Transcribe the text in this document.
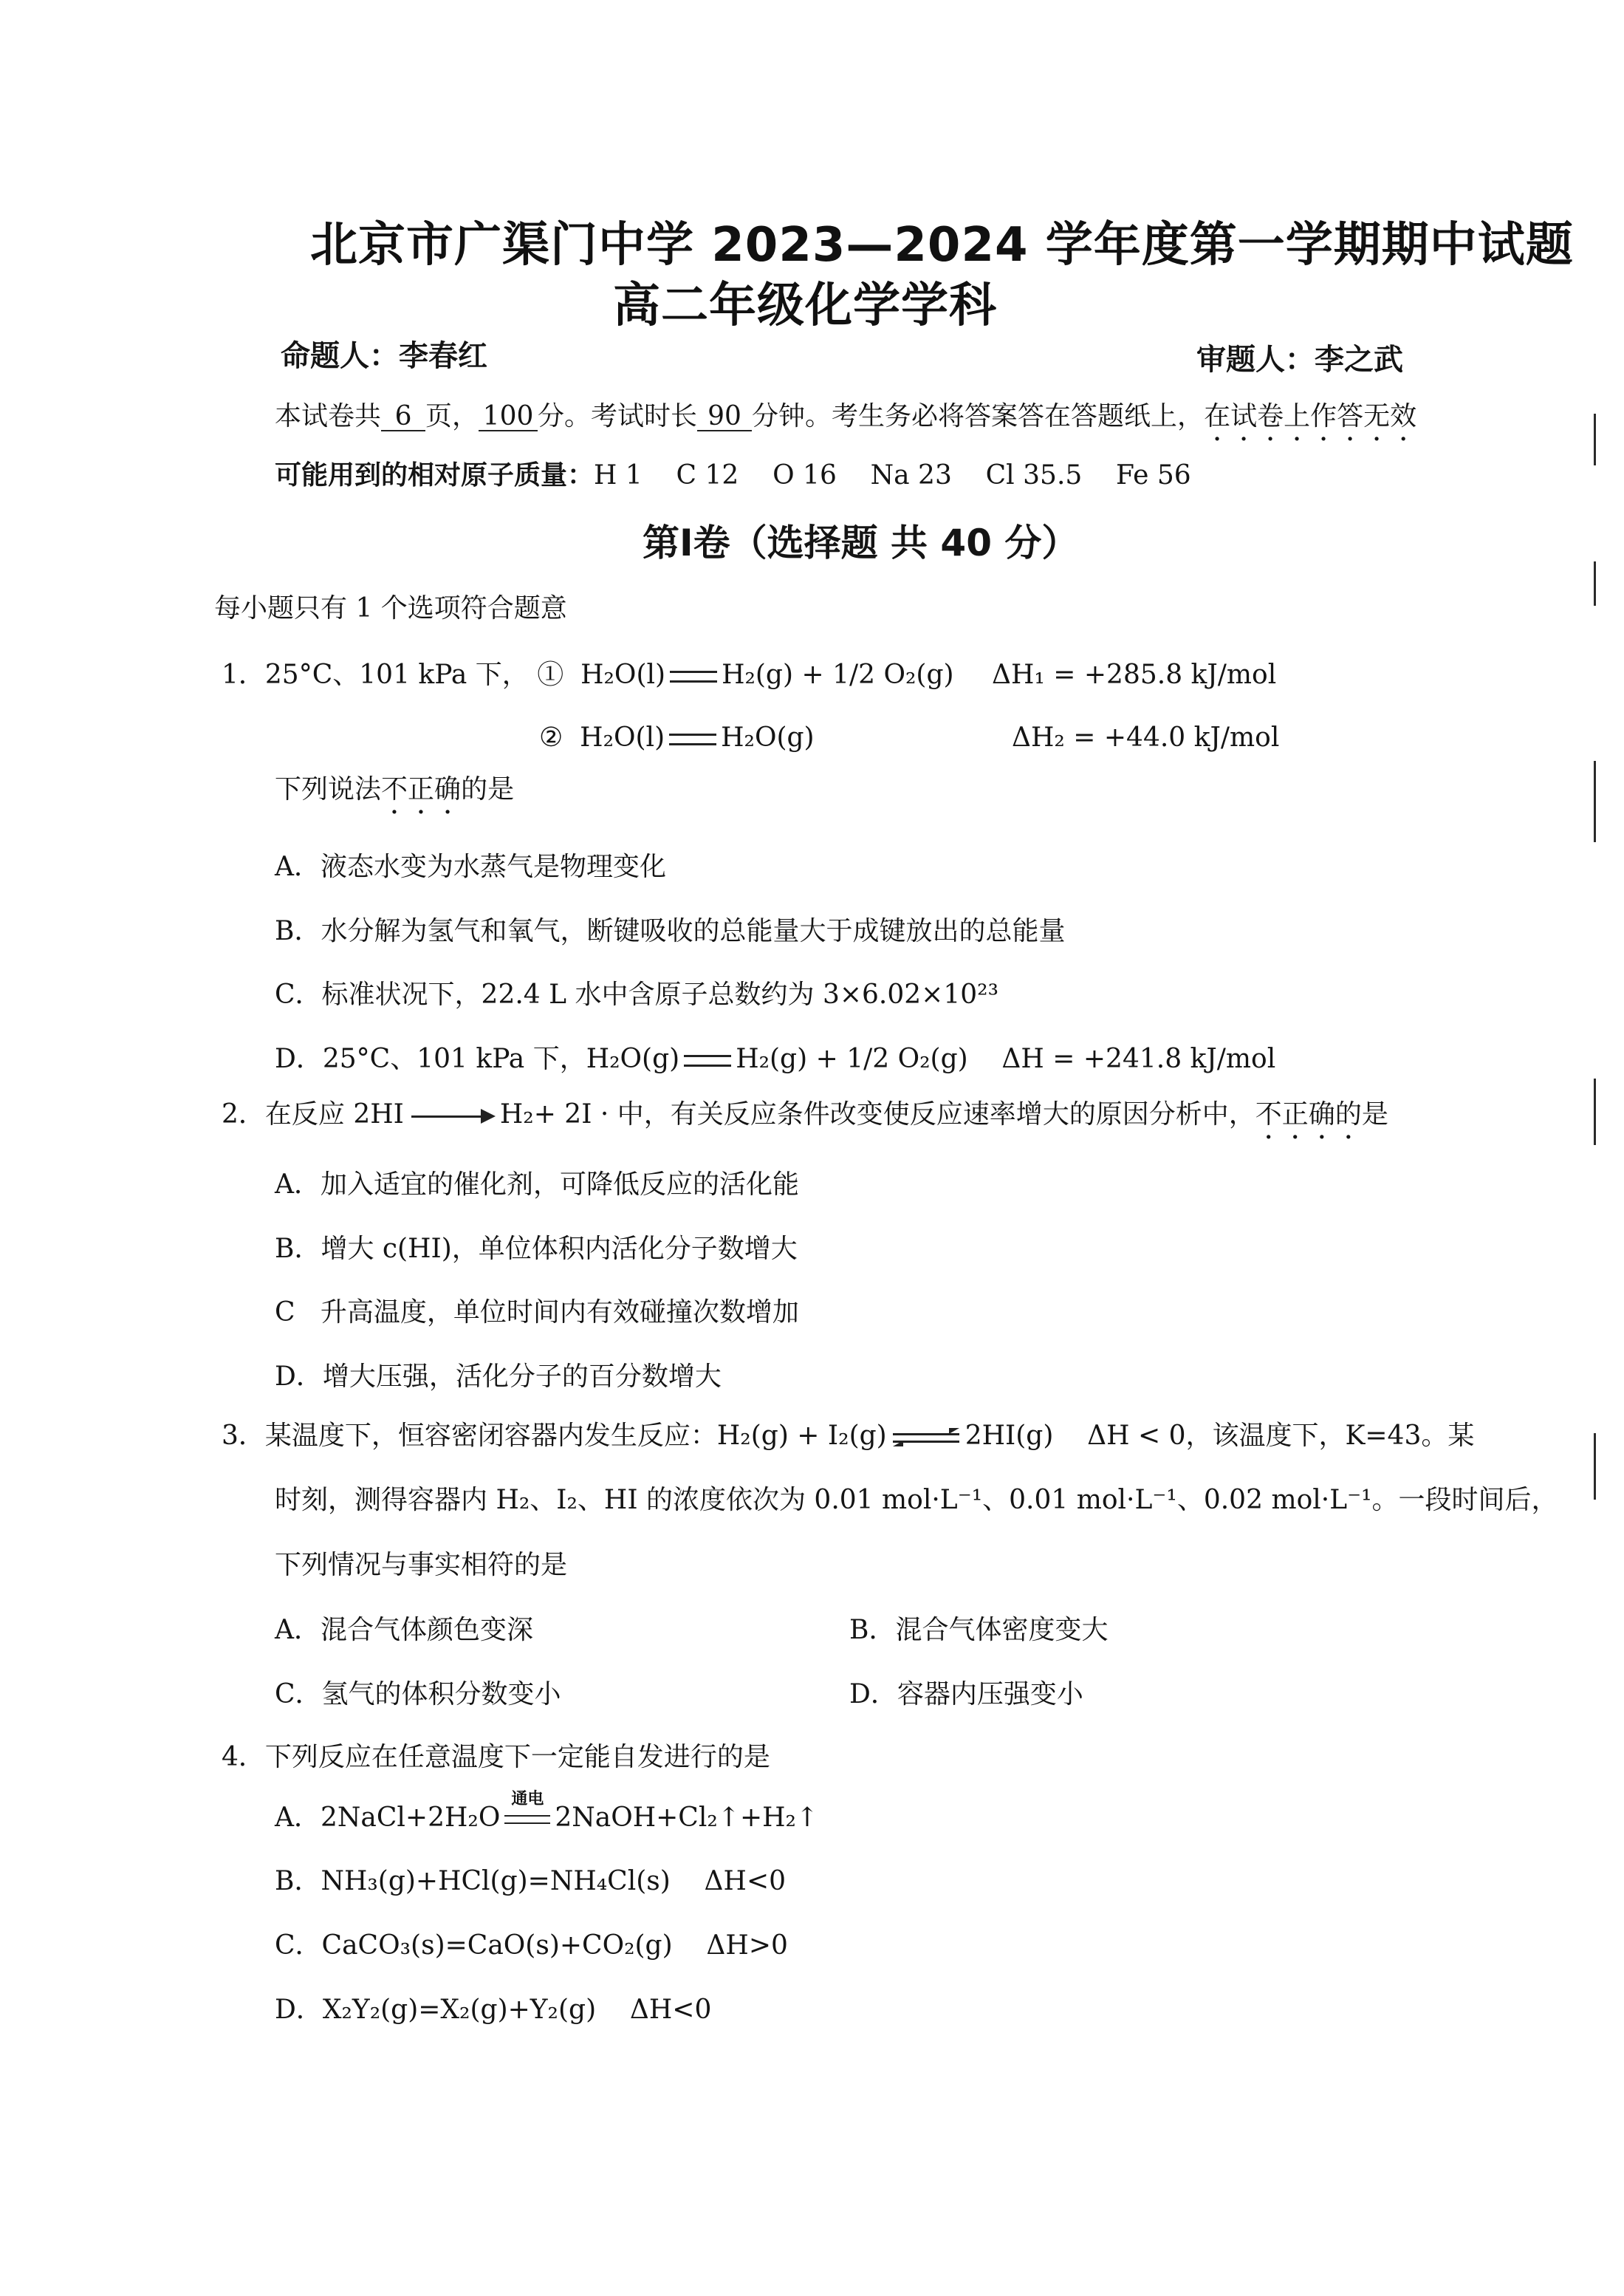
北京市广渠门中学 2023—2024 学年度第一学期期中试题
高二年级化学学科
命题人：李春红	审题人：李之武
本试卷共 6 页， 100 分。考试时长 90 分钟。考生务必将答案答在答题纸上，在试卷上作答无效
可能用到的相对原子质量：H 1    C 12    O 16    Na 23    Cl 35.5    Fe 56
第Ⅰ卷（选择题 共 40 分）
每小题只有 1 个选项符合题意
1．25°C、101 kPa 下， ① H₂O(l) H₂(g) + 1/2 O₂(g) ΔH₁ = +285.8 kJ/mol
② H₂O(l) H₂O(g)	ΔH₂ = +44.0 kJ/mol
下列说法不正确的是
A．液态水变为水蒸气是物理变化
B．水分解为氢气和氧气，断键吸收的总能量大于成键放出的总能量
C．标准状况下，22.4 L 水中含原子总数约为 3×6.02×10²³
D．25°C、101 kPa 下，H₂O(g) H₂(g) + 1/2 O₂(g)    ΔH = +241.8 kJ/mol
2．在反应 2HI → H₂+ 2I · 中，有关反应条件改变使反应速率增大的原因分析中，不正确的是
A．加入适宜的催化剂，可降低反应的活化能
B．增大 c(HI)，单位体积内活化分子数增大
C   升高温度，单位时间内有效碰撞次数增加
D．增大压强，活化分子的百分数增大
3．某温度下，恒容密闭容器内发生反应：H₂(g) + I₂(g)	2HI(g)    ΔH < 0，该温度下，K=43。某
时刻，测得容器内 H₂、I₂、HI 的浓度依次为 0.01 mol·L⁻¹、0.01 mol·L⁻¹、0.02 mol·L⁻¹。一段时间后，
下列情况与事实相符的是
A．混合气体颜色变深	B．混合气体密度变大
C．氢气的体积分数变小	D．容器内压强变小
4．下列反应在任意温度下一定能自发进行的是
A．2NaCl+2H₂O
通电
2NaOH+Cl₂↑+H₂↑
B．NH₃(g)+HCl(g)=NH₄Cl(s)    ΔH<0
C．CaCO₃(s)=CaO(s)+CO₂(g)    ΔH>0
D．X₂Y₂(g)=X₂(g)+Y₂(g)    ΔH<0
